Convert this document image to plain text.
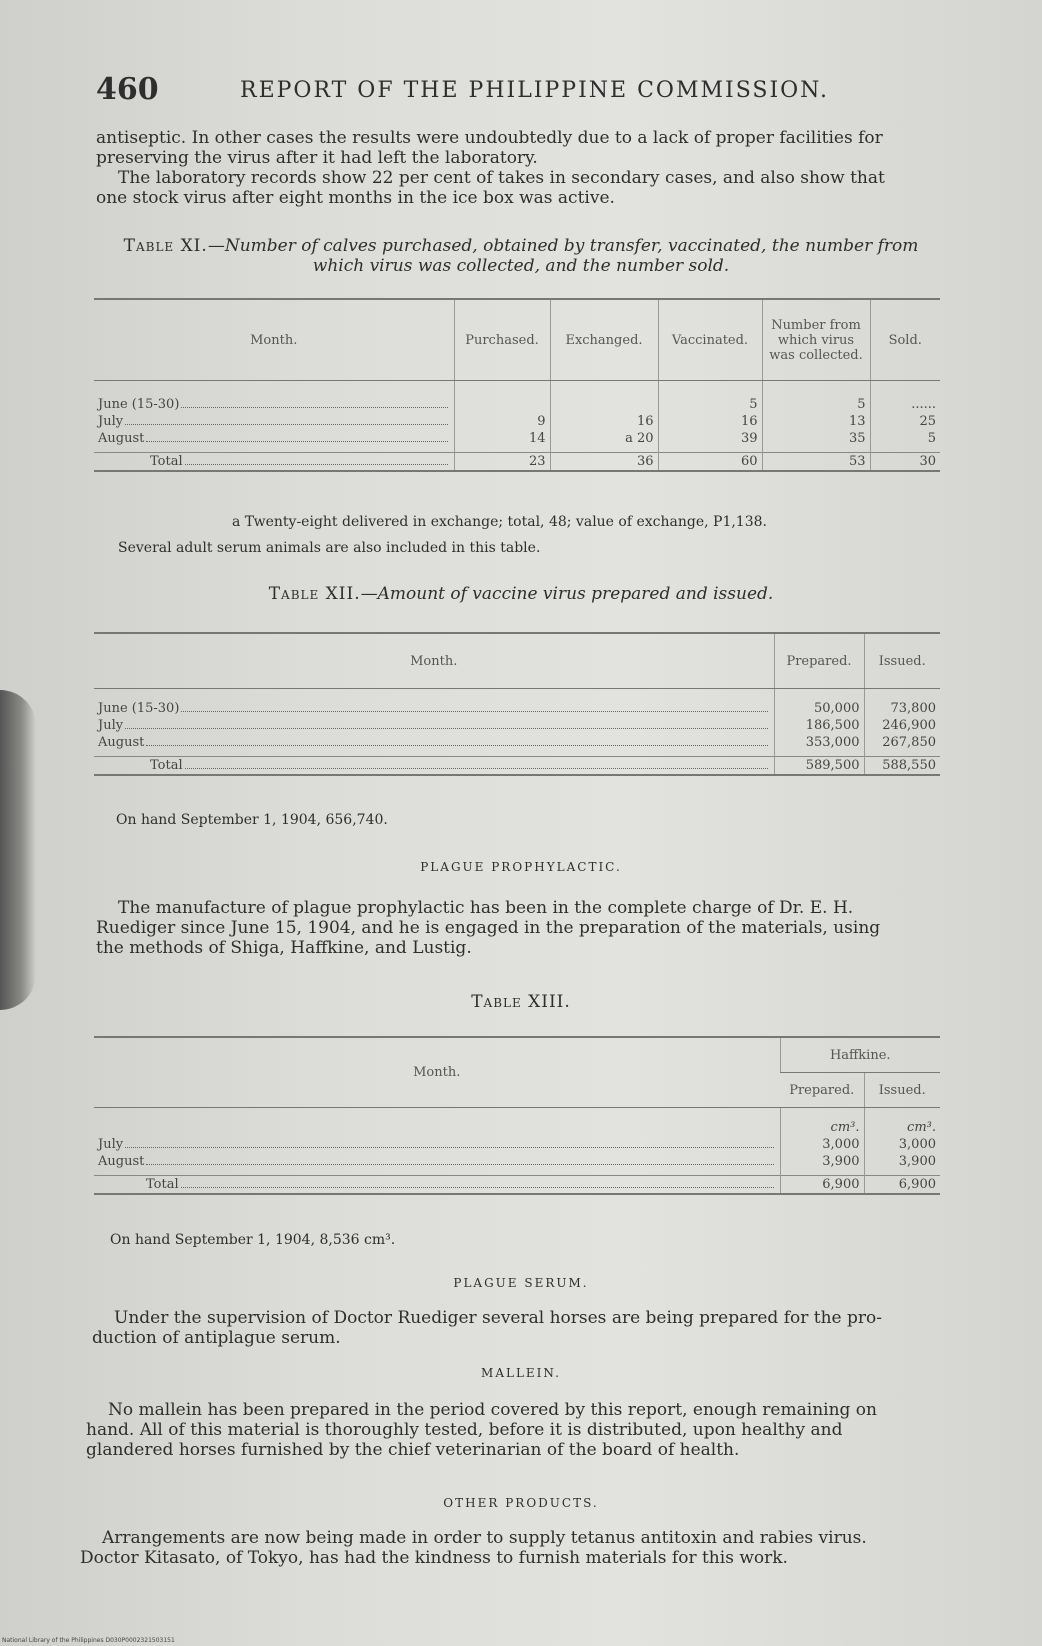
460	REPORT OF THE PHILIPPINE COMMISSION.
antiseptic. In other cases the results were undoubtedly due to a lack of proper facilities for
preserving the virus after it had left the laboratory.
The laboratory records show 22 per cent of takes in secondary cases, and also show that
one stock virus after eight months in the ice box was active.
Table XI.—Number of calves purchased, obtained by transfer, vaccinated, the number from
which virus was collected, and the number sold.
Month.	Purchased.	Exchanged.	Vaccinated.	Number from which virus was collected.	Sold.

June (15-30)			5	5	......

July	9	16	16	13	25

August	14	a 20	39	35	5

Total	23	36	60	53	30
a Twenty-eight delivered in exchange; total, 48; value of exchange, P1,138.
Several adult serum animals are also included in this table.
Table XII.—Amount of vaccine virus prepared and issued.
Month.	Prepared.	Issued.

June (15-30)	50,000	73,800

July	186,500	246,900

August	353,000	267,850

Total	589,500	588,550
On hand September 1, 1904, 656,740.
PLAGUE PROPHYLACTIC.
The manufacture of plague prophylactic has been in the complete charge of Dr. E. H.
Ruediger since June 15, 1904, and he is engaged in the preparation of the materials, using
the methods of Shiga, Haffkine, and Lustig.
Table XIII.
Month.	Haffkine.	
	Prepared.	Issued.
	cm³.	cm³.

July	3,000	3,000

August	3,900	3,900

Total	6,900	6,900
On hand September 1, 1904, 8,536 cm³.
PLAGUE SERUM.
Under the supervision of Doctor Ruediger several horses are being prepared for the pro-
duction of antiplague serum.
MALLEIN.
No mallein has been prepared in the period covered by this report, enough remaining on
hand. All of this material is thoroughly tested, before it is distributed, upon healthy and
glandered horses furnished by the chief veterinarian of the board of health.
OTHER PRODUCTS.
Arrangements are now being made in order to supply tetanus antitoxin and rabies virus.
Doctor Kitasato, of Tokyo, has had the kindness to furnish materials for this work.
National Library of the Philippines D030P0002321503151
